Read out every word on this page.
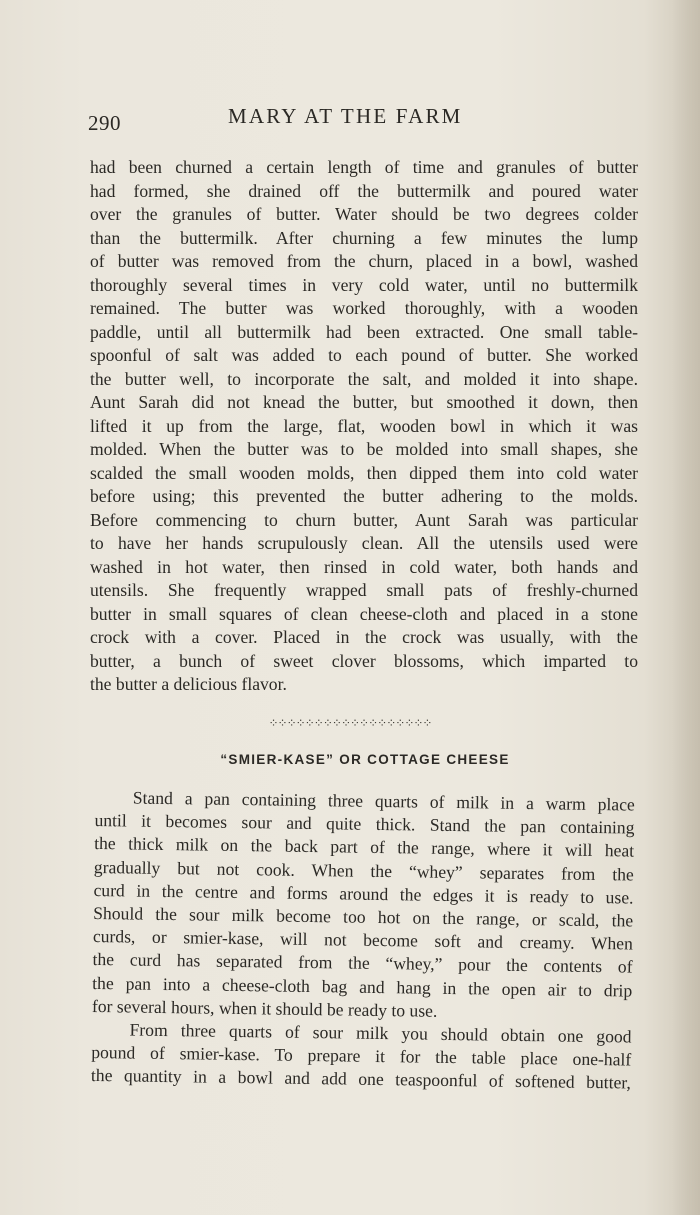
290	MARY AT THE FARM
had been churned a certain length of time and granules of butter
had formed, she drained off the buttermilk and poured water
over the granules of butter. Water should be two degrees colder
than the buttermilk. After churning a few minutes the lump
of butter was removed from the churn, placed in a bowl, washed
thoroughly several times in very cold water, until no buttermilk
remained. The butter was worked thoroughly, with a wooden
paddle, until all buttermilk had been extracted. One small table-
spoonful of salt was added to each pound of butter. She worked
the butter well, to incorporate the salt, and molded it into shape.
Aunt Sarah did not knead the butter, but smoothed it down, then
lifted it up from the large, flat, wooden bowl in which it was
molded. When the butter was to be molded into small shapes, she
scalded the small wooden molds, then dipped them into cold water
before using; this prevented the butter adhering to the molds.
Before commencing to churn butter, Aunt Sarah was particular
to have her hands scrupulously clean. All the utensils used were
washed in hot water, then rinsed in cold water, both hands and
utensils. She frequently wrapped small pats of freshly-churned
butter in small squares of clean cheese-cloth and placed in a stone
crock with a cover. Placed in the crock was usually, with the
butter, a bunch of sweet clover blossoms, which imparted to
the butter a delicious flavor.
⁘⁘⁘⁘⁘⁘⁘⁘⁘⁘⁘⁘⁘⁘⁘⁘⁘⁘
“SMIER-KASE” OR COTTAGE CHEESE
Stand a pan containing three quarts of milk in a warm place
until it becomes sour and quite thick. Stand the pan containing
the thick milk on the back part of the range, where it will heat
gradually but not cook. When the “whey” separates from the
curd in the centre and forms around the edges it is ready to use.
Should the sour milk become too hot on the range, or scald, the
curds, or smier-kase, will not become soft and creamy. When
the curd has separated from the “whey,” pour the contents of
the pan into a cheese-cloth bag and hang in the open air to drip
for several hours, when it should be ready to use.
From three quarts of sour milk you should obtain one good
pound of smier-kase. To prepare it for the table place one-half
the quantity in a bowl and add one teaspoonful of softened butter,
